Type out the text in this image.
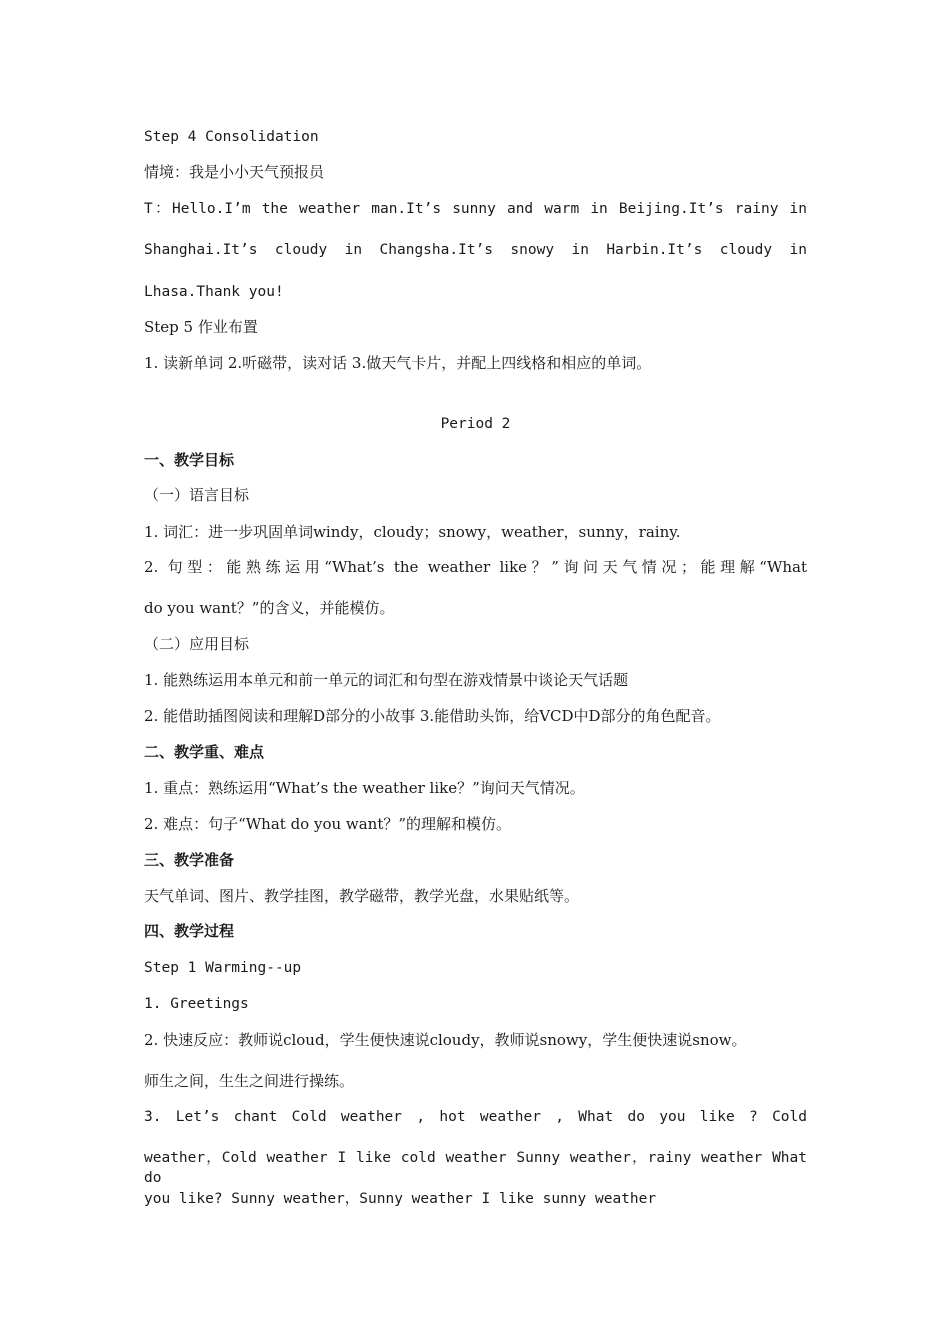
Step 4 Consolidation
情境：我是小小天气预报员
T：Hello.I’m the weather man.It’s sunny and warm in Beijing.It’s rainy in
Shanghai.It’s cloudy in Changsha.It’s snowy in Harbin.It’s cloudy in
Lhasa.Thank you!
Step 5 作业布置
1. 读新单词 2.听磁带，读对话 3.做天气卡片，并配上四线格和相应的单词。
Period 2
一、教学目标
（一）语言目标
1. 词汇：进一步巩固单词windy，cloudy；snowy，weather，sunny，rainy.
2. 句型：能熟练运用“What’s the weather like？”询问天气情况；能理解“What
do you want？”的含义，并能模仿。
（二）应用目标
1. 能熟练运用本单元和前一单元的词汇和句型在游戏情景中谈论天气话题
2. 能借助插图阅读和理解D部分的小故事 3.能借助头饰，给VCD中D部分的角色配音。
二、教学重、难点
1. 重点：熟练运用“What’s the weather like？”询问天气情况。
2. 难点：句子“What do you want？”的理解和模仿。
三、教学准备
天气单词、图片、教学挂图，教学磁带，教学光盘，水果贴纸等。
四、教学过程
Step 1 Warming--up
1. Greetings
2. 快速反应：教师说cloud，学生便快速说cloudy，教师说snowy，学生便快速说snow。
师生之间，生生之间进行操练。
3. Let’s chant Cold weather , hot weather , What do you like ? Cold
weather，Cold weather I like cold weather Sunny weather，rainy weather What do
you like? Sunny weather，Sunny weather I like sunny weather
